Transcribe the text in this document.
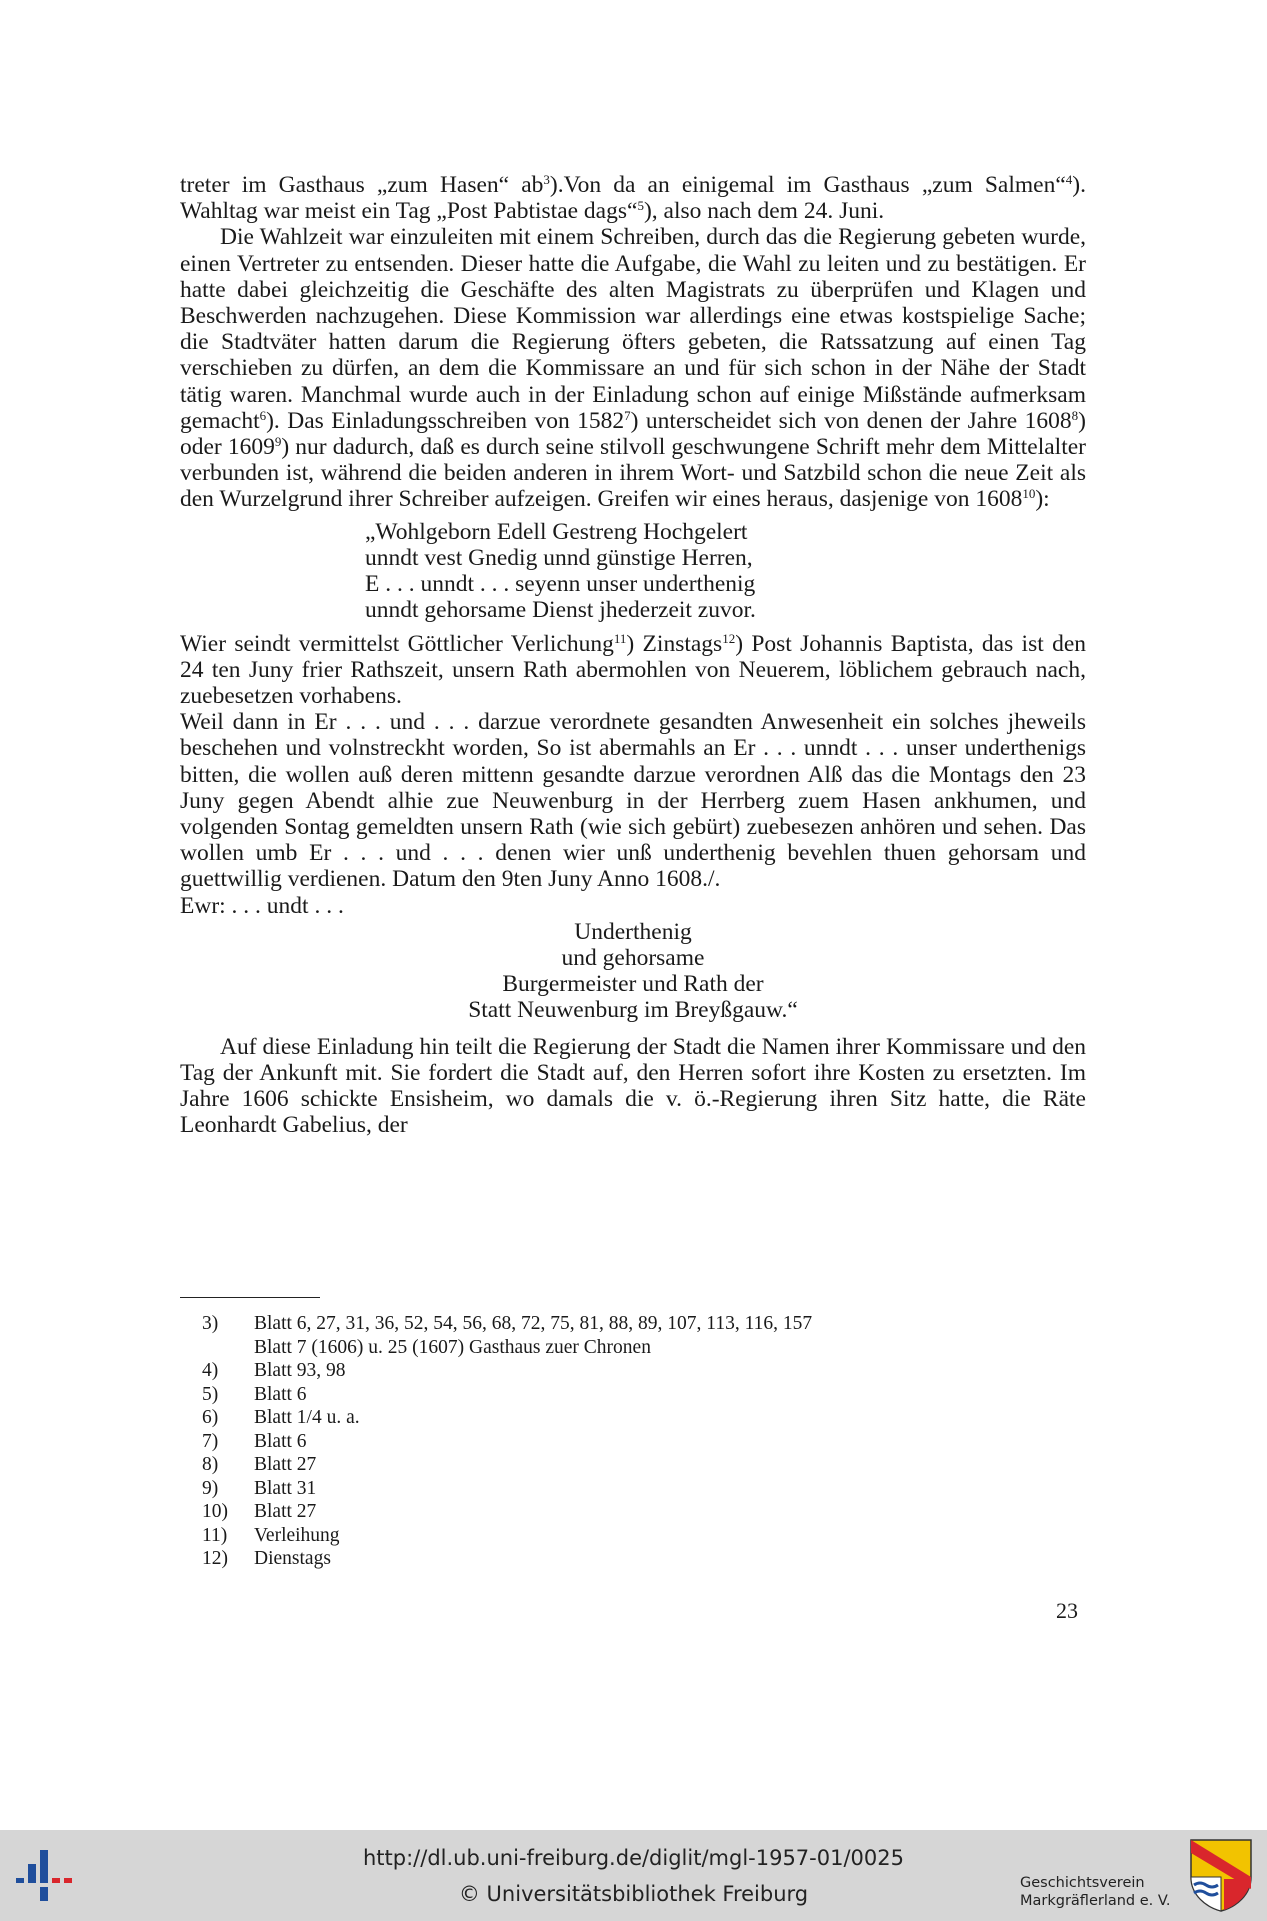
treter im Gasthaus „zum Hasen“ $ab^3).Von$ da an einigemal im Gasthaus „zum Salmen“$^4$). Wahltag war meist ein Tag „Post Pabtistae dags“$^5$), also nach dem 24. Juni.

Die Wahlzeit war einzuleiten mit einem Schreiben, durch das die Regierung gebeten wurde, einen Vertreter zu entsenden. Dieser hatte die Aufgabe, die Wahl zu leiten und zu bestätigen. Er hatte dabei gleichzeitig die Geschäfte des alten Magistrats zu überprüfen und Klagen und Beschwerden nachzugehen. Diese Kommission war allerdings eine etwas kostspielige Sache; die Stadtväter hatten darum die Regierung öfters gebeten, die Ratssatzung auf einen Tag verschieben zu dürfen, an dem die Kommissare an und für sich schon in der Nähe der Stadt tätig waren. Manchmal wurde auch in der Einladung schon auf einige Mißstände aufmerksam gemacht$^6$). Das Einladungsschreiben von 1582$^7$) unterscheidet sich von denen der Jahre 1608$^8$) oder 1609$^9$) nur dadurch, daß es durch seine stilvoll geschwungene Schrift mehr dem Mittelalter verbunden ist, während die beiden anderen in ihrem Wort- und Satzbild schon die neue Zeit als den Wurzelgrund ihrer Schreiber aufzeigen. Greifen wir eines heraus, dasjenige von 1608$^{10}$):

„Wohlgeborn Edell Gestreng Hochgelert
unndt vest Gnedig unnd günstige Herren,
E . . . unndt . . . seyenn unser underthenig
unndt gehorsame Dienst jhederzeit zuvor.

Wier seindt vermittelst Göttlicher Verlichung$^{11}$) Zinstags$^{12}$) Post Johannis Baptista, das ist den 24 ten Juny frier Rathszeit, unsern Rath abermohlen von Neuerem, löblichem gebrauch nach, zuebesetzen vorhabens.

Weil dann in Er . . . und . . . darzue verordnete gesandten Anwesenheit ein solches jheweils beschehen und volnstreckht worden, So ist abermahls an Er . . . unndt . . . unser underthenigs bitten, die wollen auß deren mittenn gesandte darzue verordnen Alß das die Montags den 23 Juny gegen Abendt alhie zue Neuwenburg in der Herrberg zuem Hasen ankhumen, und volgenden Sontag gemeldten unsern Rath (wie sich gebürt) zuebesezen anhören und sehen. Das wollen umb Er . . . und . . . denen wier unß underthenig bevehlen thuen gehorsam und guettwillig verdienen. Datum den 9ten Juny Anno 1608./.

Ewr: . . . undt . . .

Underthenig

und gehorsame

Burgermeister und Rath der

Statt Neuwenburg im Breyßgauw.“

Auf diese Einladung hin teilt die Regierung der Stadt die Namen ihrer Kommissare und den Tag der Ankunft mit. Sie fordert die Stadt auf, den Herren sofort ihre Kosten zu ersetzten. Im Jahre 1606 schickte Ensisheim, wo damals die v. ö.-Regierung ihren Sitz hatte, die Räte Leonhardt Gabelius, der

3)	Blatt 6, 27, 31, 36, 52, 54, 56, 68, 72, 75, 81, 88, 89, 107, 113, 116, 157
Blatt 7 (1606) u. 25 (1607) Gasthaus zuer Chronen
4)	Blatt 93, 98
5)	Blatt 6
6)	Blatt 1/4 u. a.
7)	Blatt 6
8)	Blatt 27
9)	Blatt 31
10)	Blatt 27
11)	Verleihung
12)	Dienstags
23
http://dl.ub.uni-freiburg.de/diglit/mgl-1957-01/0025
© Universitätsbibliothek Freiburg	Geschichtsverein
Markgräflerland e. V.
